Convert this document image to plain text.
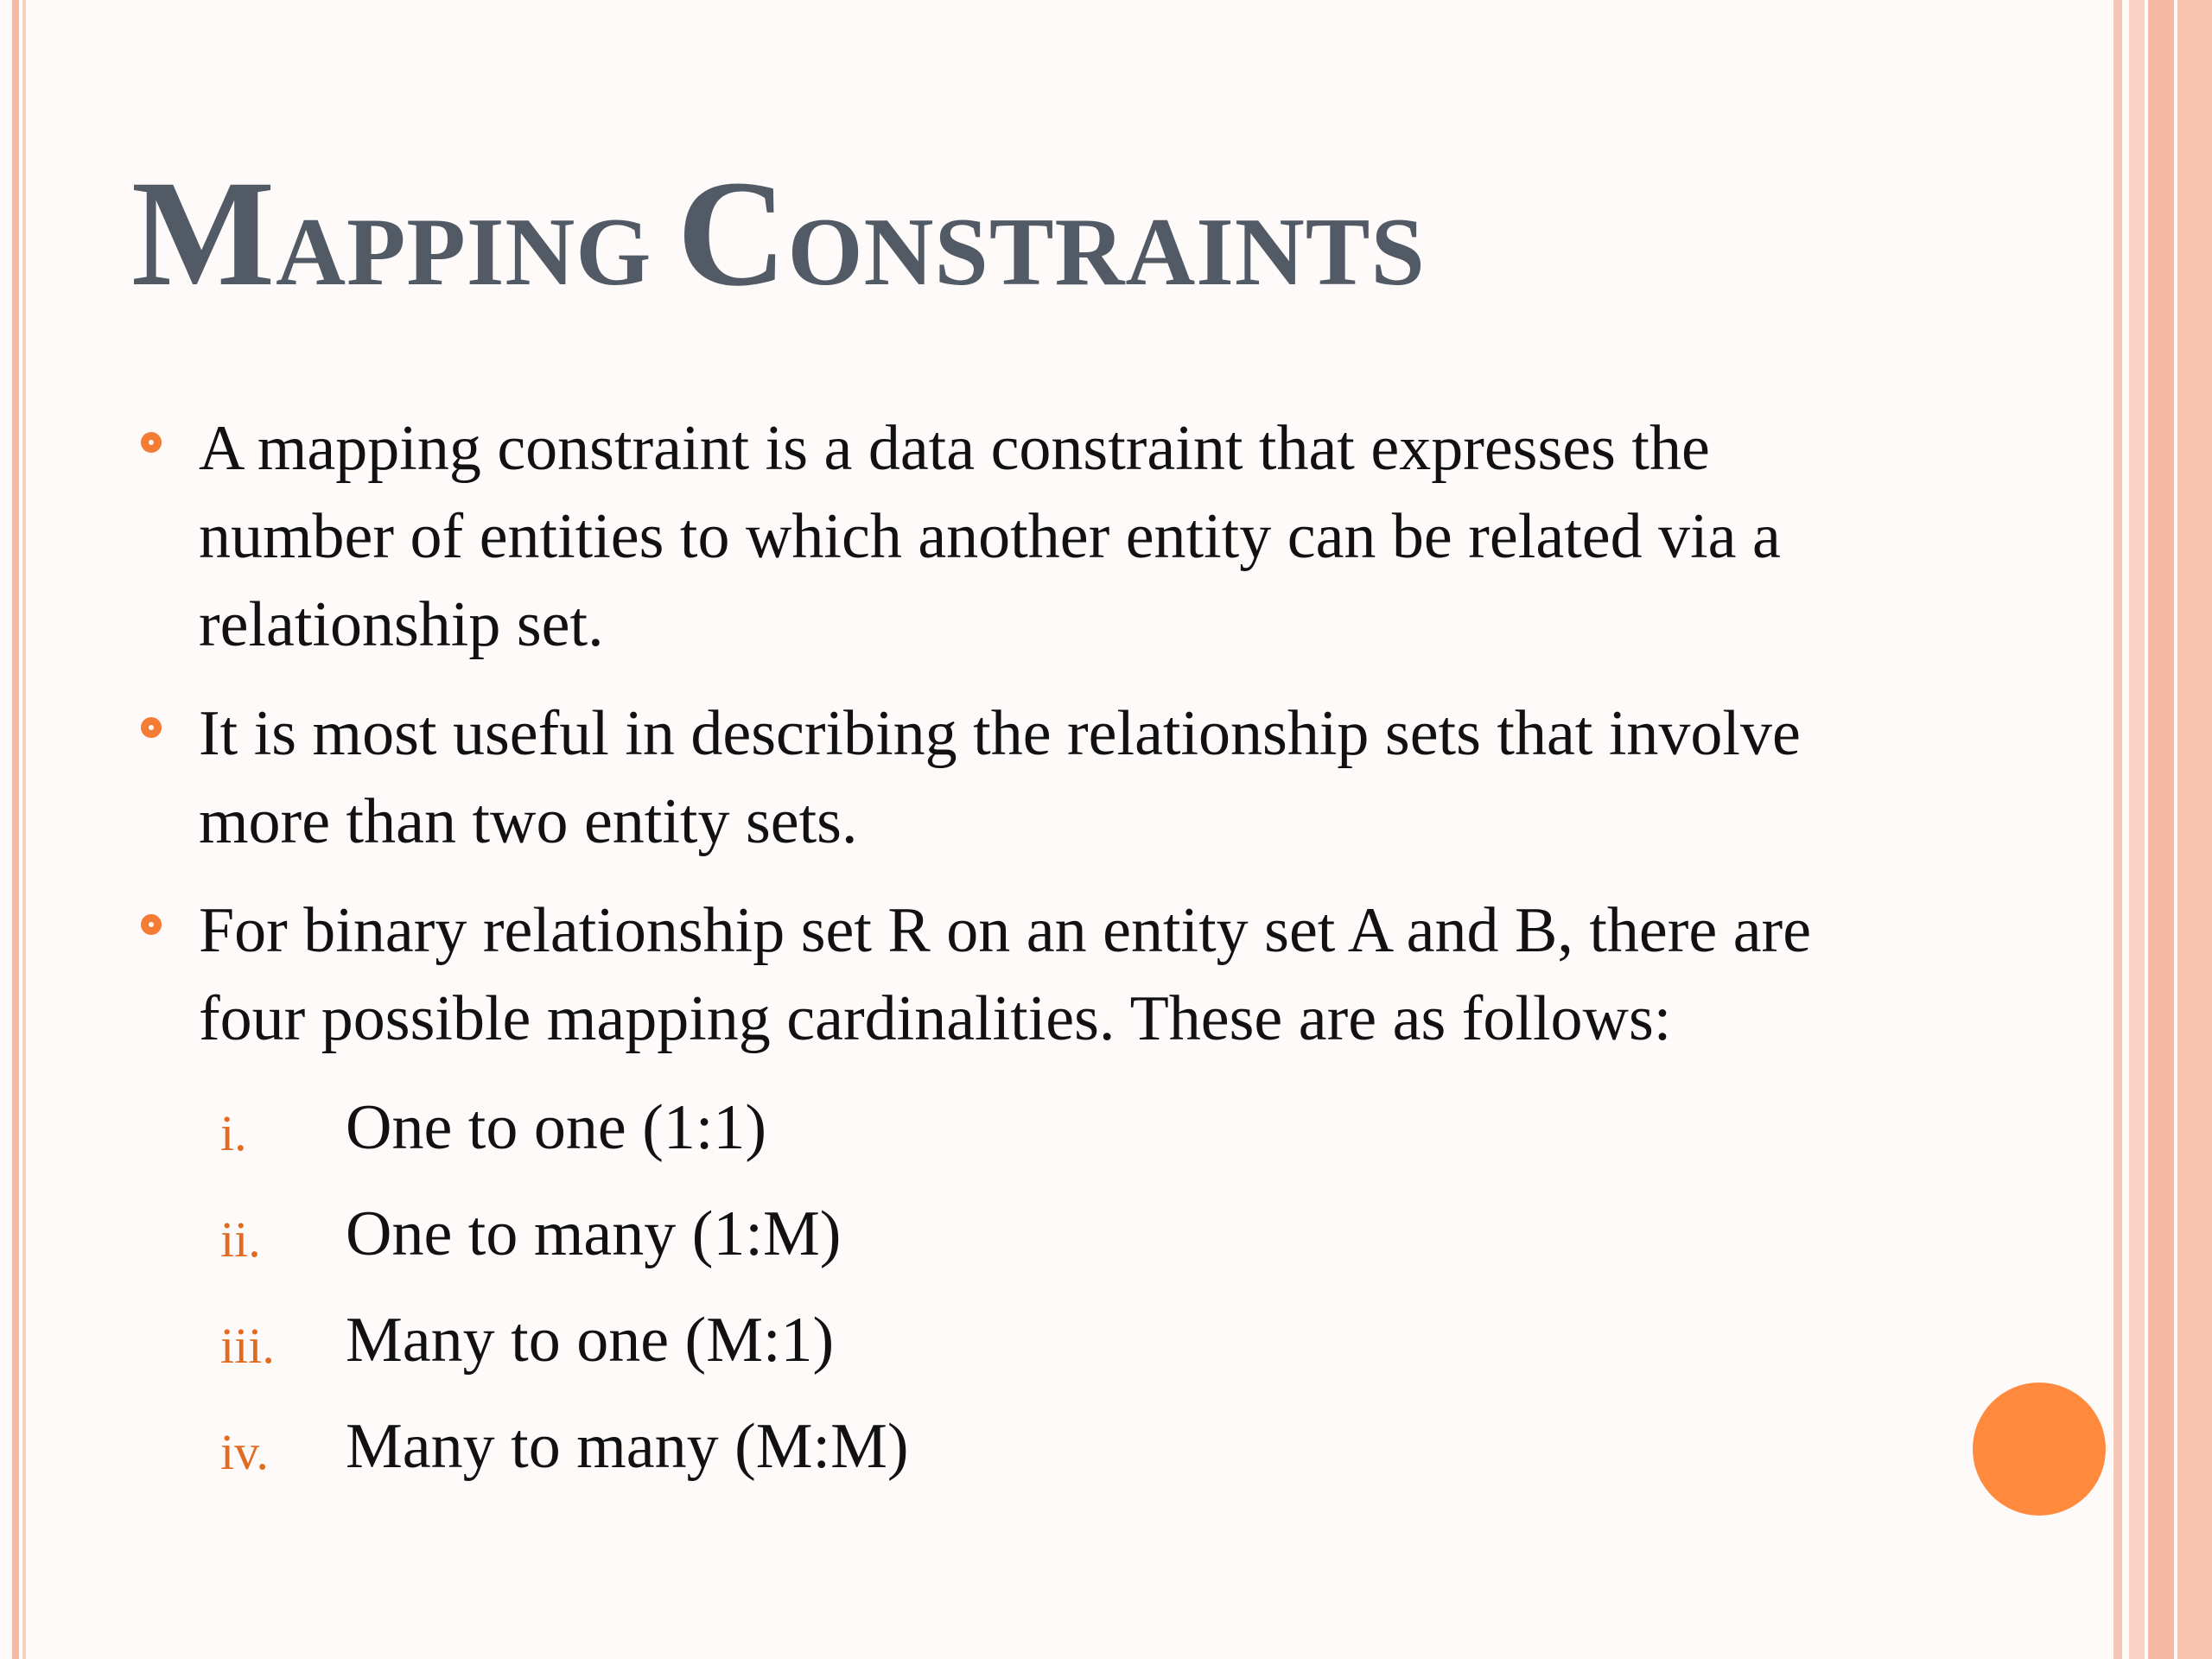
MAPPING CONSTRAINTS
A mapping constraint is a data constraint that expresses the number of entities to which another entity can be related via a relationship set.
It is most useful in describing the relationship sets that involve more than two entity sets.
For binary relationship set R on an entity set A and B, there are four possible mapping cardinalities. These are as follows:
i. One to one (1:1)
ii. One to many (1:M)
iii. Many to one (M:1)
iv. Many to many (M:M)
